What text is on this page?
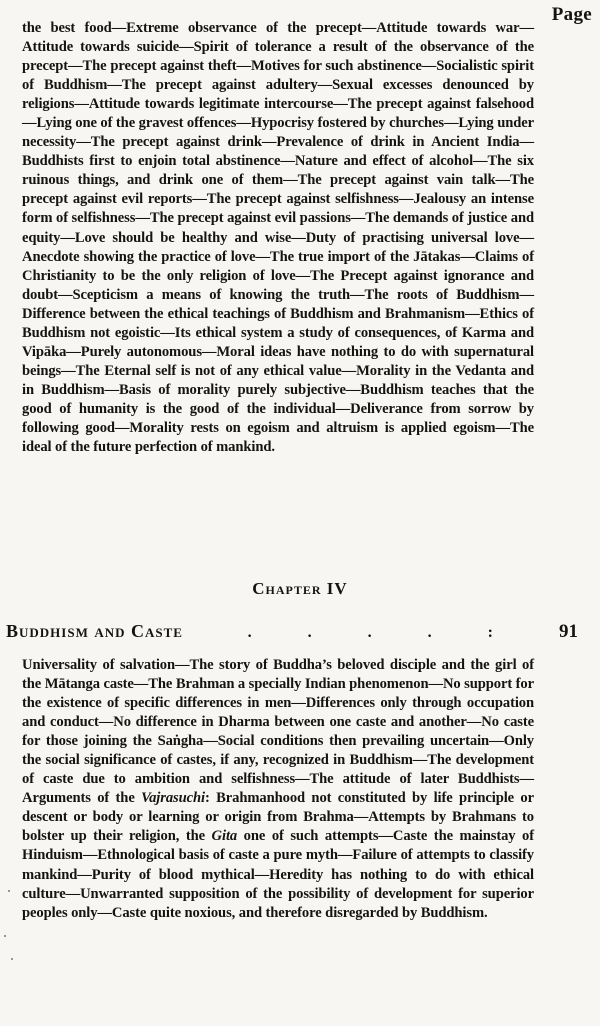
Page

the best food—Extreme observance of the precept—Attitude towards war—Attitude towards suicide—Spirit of tolerance a result of the observance of the precept—The precept against theft—Motives for such abstinence—Socialistic spirit of Buddhism—The precept against adultery—Sexual excesses denounced by religions—Attitude towards legitimate intercourse—The precept against falsehood—Lying one of the gravest offences—Hypocrisy fostered by churches—Lying under necessity—The precept against drink—Prevalence of drink in Ancient India—Buddhists first to enjoin total abstinence—Nature and effect of alcohol—The six ruinous things, and drink one of them—The precept against vain talk—The precept against evil reports—The precept against selfishness—Jealousy an intense form of selfishness—The precept against evil passions—The demands of justice and equity—Love should be healthy and wise—Duty of practising universal love—Anecdote showing the practice of love—The true import of the Jātakas—Claims of Christianity to be the only religion of love—The Precept against ignorance and doubt—Scepticism a means of knowing the truth—The roots of Buddhism—Difference between the ethical teachings of Buddhism and Brahmanism—Ethics of Buddhism not egoistic—Its ethical system a study of consequences, of Karma and Vipāka—Purely autonomous—Moral ideas have nothing to do with supernatural beings—The Eternal self is not of any ethical value—Morality in the Vedanta and in Buddhism—Basis of morality purely subjective—Buddhism teaches that the good of humanity is the good of the individual—Deliverance from sorrow by following good—Morality rests on egoism and altruism is applied egoism—The ideal of the future perfection of mankind.

Chapter IV
Buddhism and Caste	. . . . :	91

Universality of salvation—The story of Buddha’s beloved disciple and the girl of the Mātanga caste—The Brahman a specially Indian phenomenon—No support for the existence of specific differences in men—Differences only through occupation and conduct—No difference in Dharma between one caste and another—No caste for those joining the Saṅgha—Social conditions then prevailing uncertain—Only the social significance of castes, if any, recognized in Buddhism—The development of caste due to ambition and selfishness—The attitude of later Buddhists—Arguments of the Vajrasuchi: Brahmanhood not constituted by life principle or descent or body or learning or origin from Brahma—Attempts by Brahmans to bolster up their religion, the Gita one of such attempts—Caste the mainstay of Hinduism—Ethnological basis of caste a pure myth—Failure of attempts to classify mankind—Purity of blood mythical—Heredity has nothing to do with ethical culture—Unwarranted supposition of the possibility of development for superior peoples only—Caste quite noxious, and therefore disregarded by Buddhism.
